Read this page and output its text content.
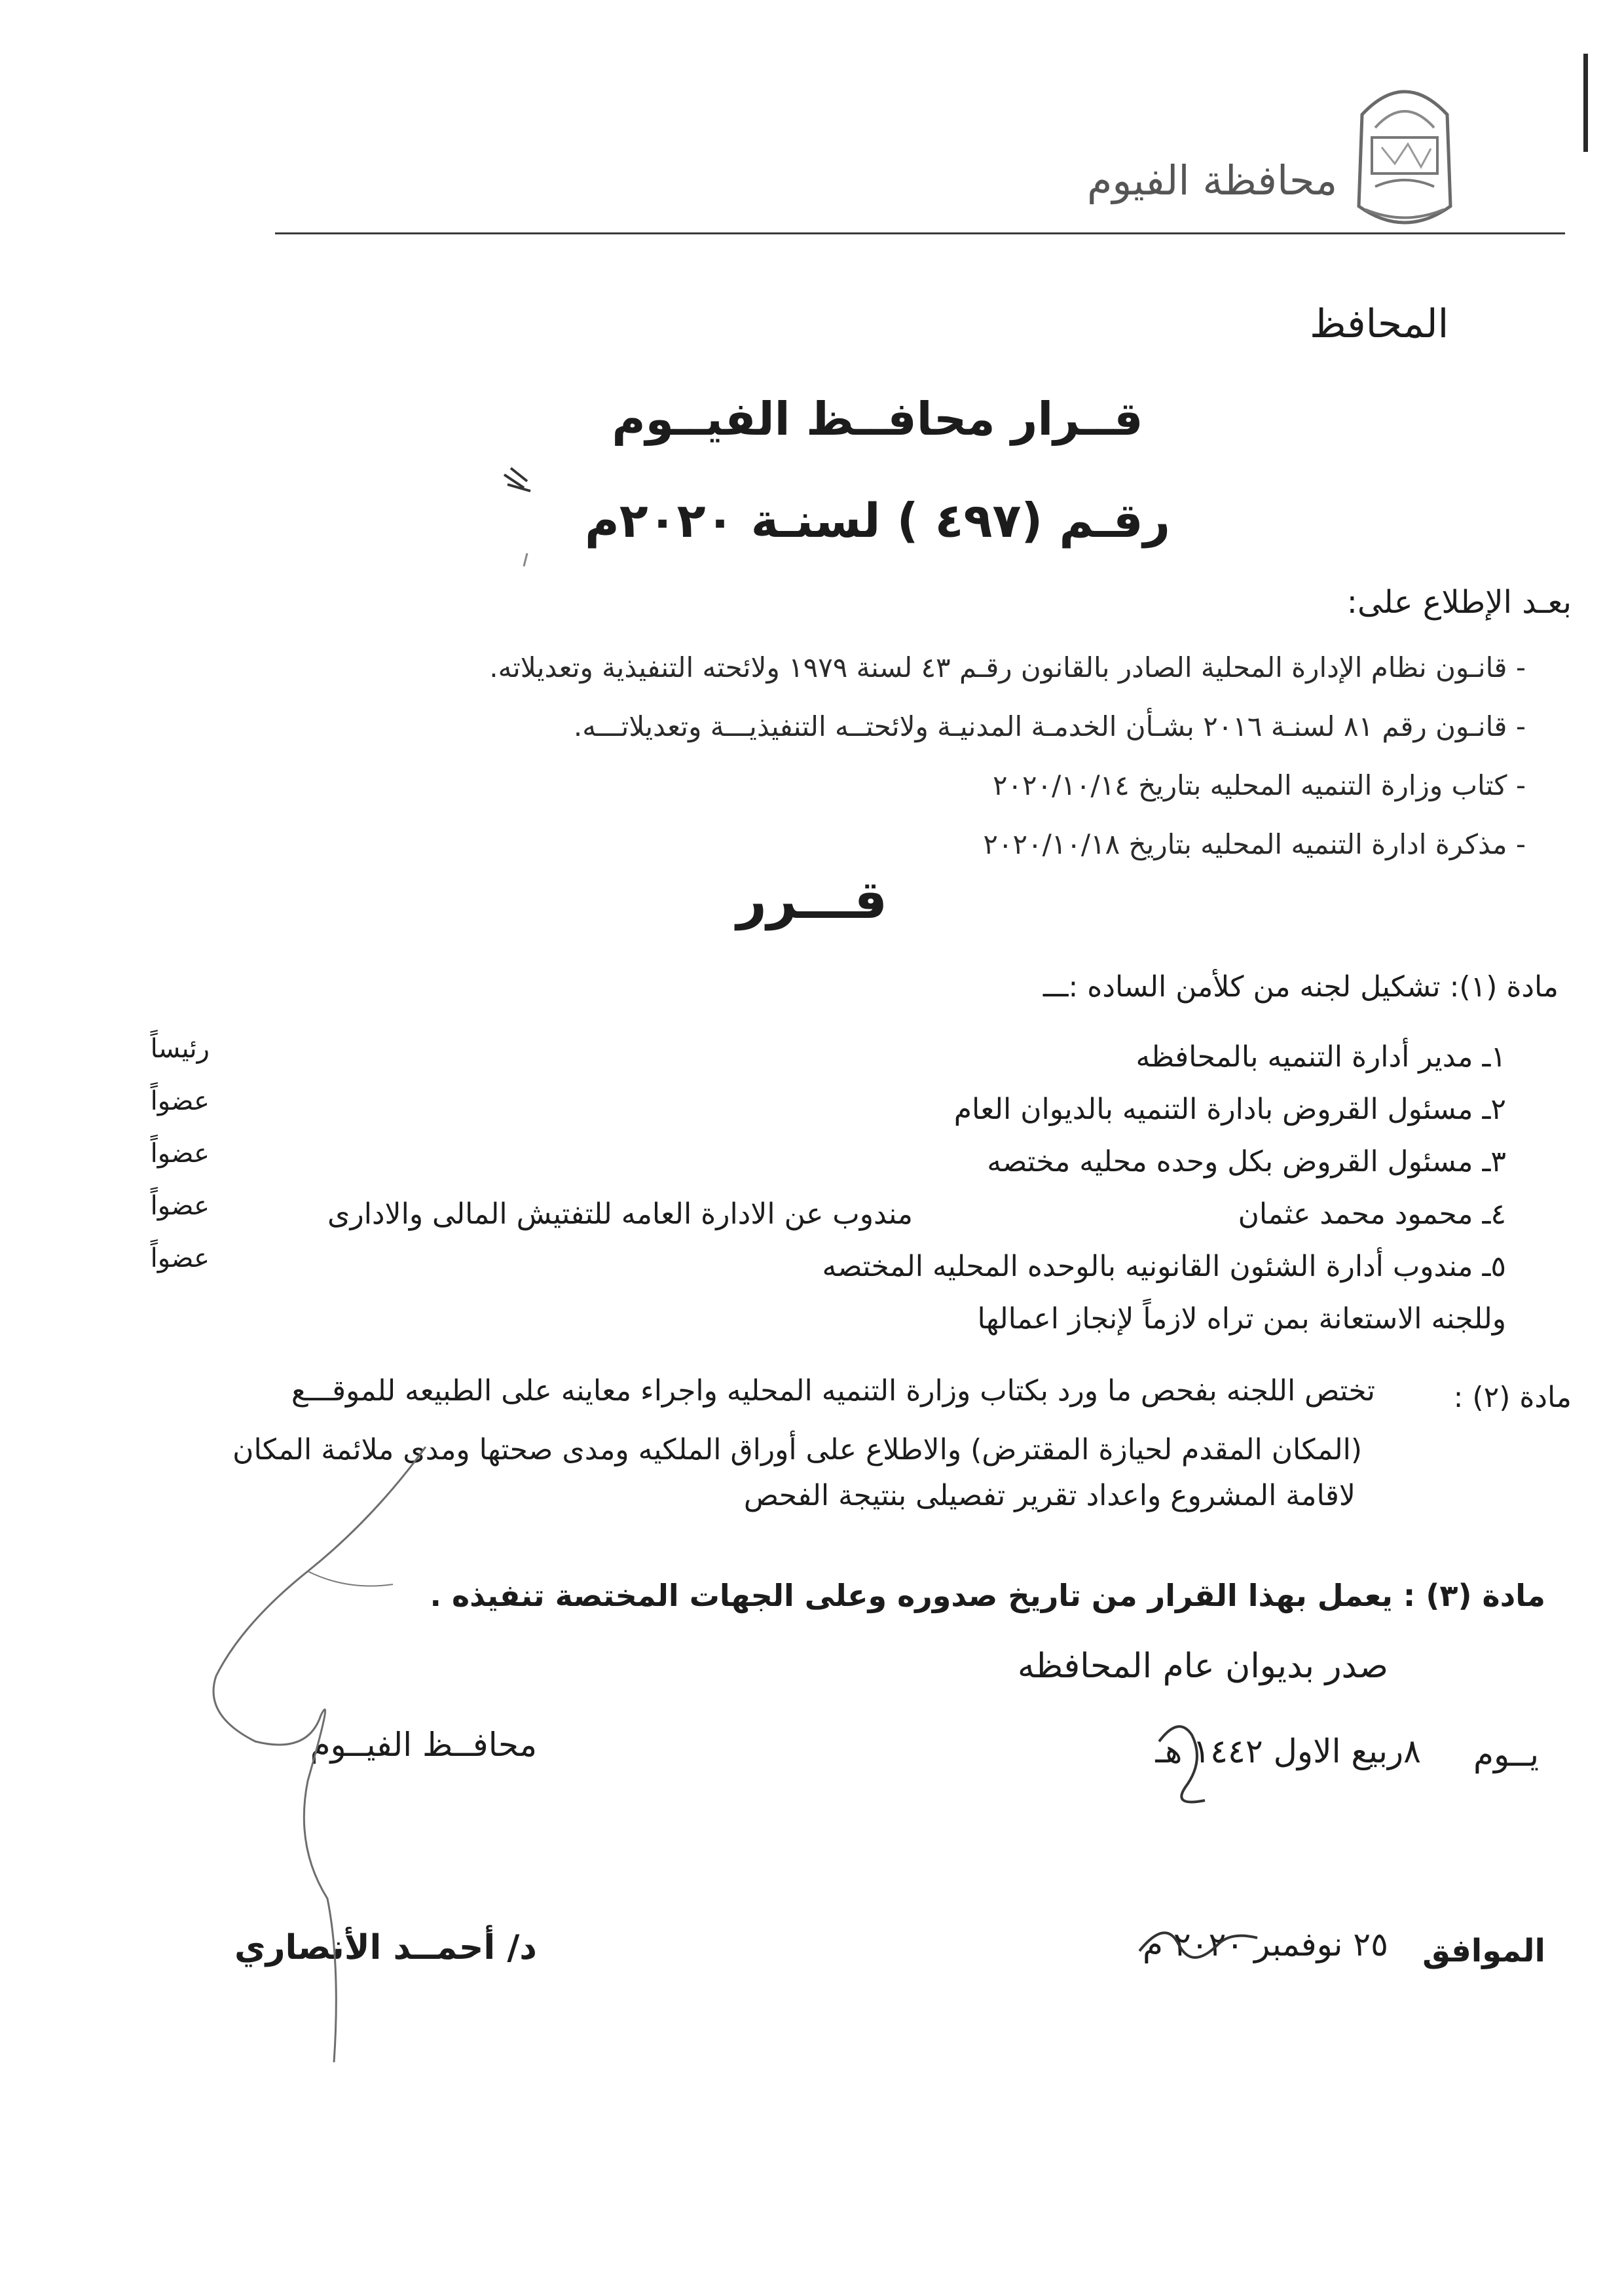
محافظة الفيوم
المحافظ
قــرار محافــظ الفيــوم
رقـم (٤٩٧ ) لسنـة ٢٠٢٠م
بعـد الإطلاع على:
- قانـون نظام الإدارة المحلية الصادر بالقانون رقـم ٤٣ لسنة ١٩٧٩ ولائحته التنفيذية وتعديلاته.
- قانـون رقم ٨١ لسنـة ٢٠١٦ بشـأن الخدمـة المدنيـة ولائحتــه التنفيذيـــة وتعديلاتـــه.
- كتاب وزارة التنميه المحليه بتاريخ ٢٠٢٠/١٠/١٤
- مذكرة ادارة التنميه المحليه بتاريخ ٢٠٢٠/١٠/١٨
قـــرر
مادة (١): تشكيل لجنه من كلأمن الساده :ـــ
١ـ مدير أدارة التنميه بالمحافظه
٢ـ مسئول القروض بادارة التنميه بالديوان العام
٣ـ مسئول القروض بكل وحده محليه مختصه
٤ـ محمود محمد عثمان
مندوب عن الادارة العامه للتفتيش المالى والادارى
٥ـ مندوب أدارة الشئون القانونيه بالوحده المحليه المختصه
رئيساً
عضواً
عضواً
عضواً
عضواً
وللجنه الاستعانة بمن تراه لازماً لإنجاز اعمالها
مادة (٢) :
تختص اللجنه بفحص ما ورد بكتاب وزارة التنميه المحليه واجراء معاينه على الطبيعه للموقـــع
(المكان المقدم لحيازة المقترض) والاطلاع على أوراق الملكيه ومدى صحتها ومدى ملائمة المكان
لاقامة المشروع واعداد تقرير تفصيلى بنتيجة الفحص
مادة (٣) : يعمل بهذا القرار من تاريخ صدوره وعلى الجهات المختصة تنفيذه .
صدر بديوان عام المحافظه
يــوم
٨ربيع الاول ١٤٤٢ هـ
محافــظ الفيــوم
الموافق
٢٥ نوفمبر ٢٠٢٠ م
د/ أحمــد الأنصاري
